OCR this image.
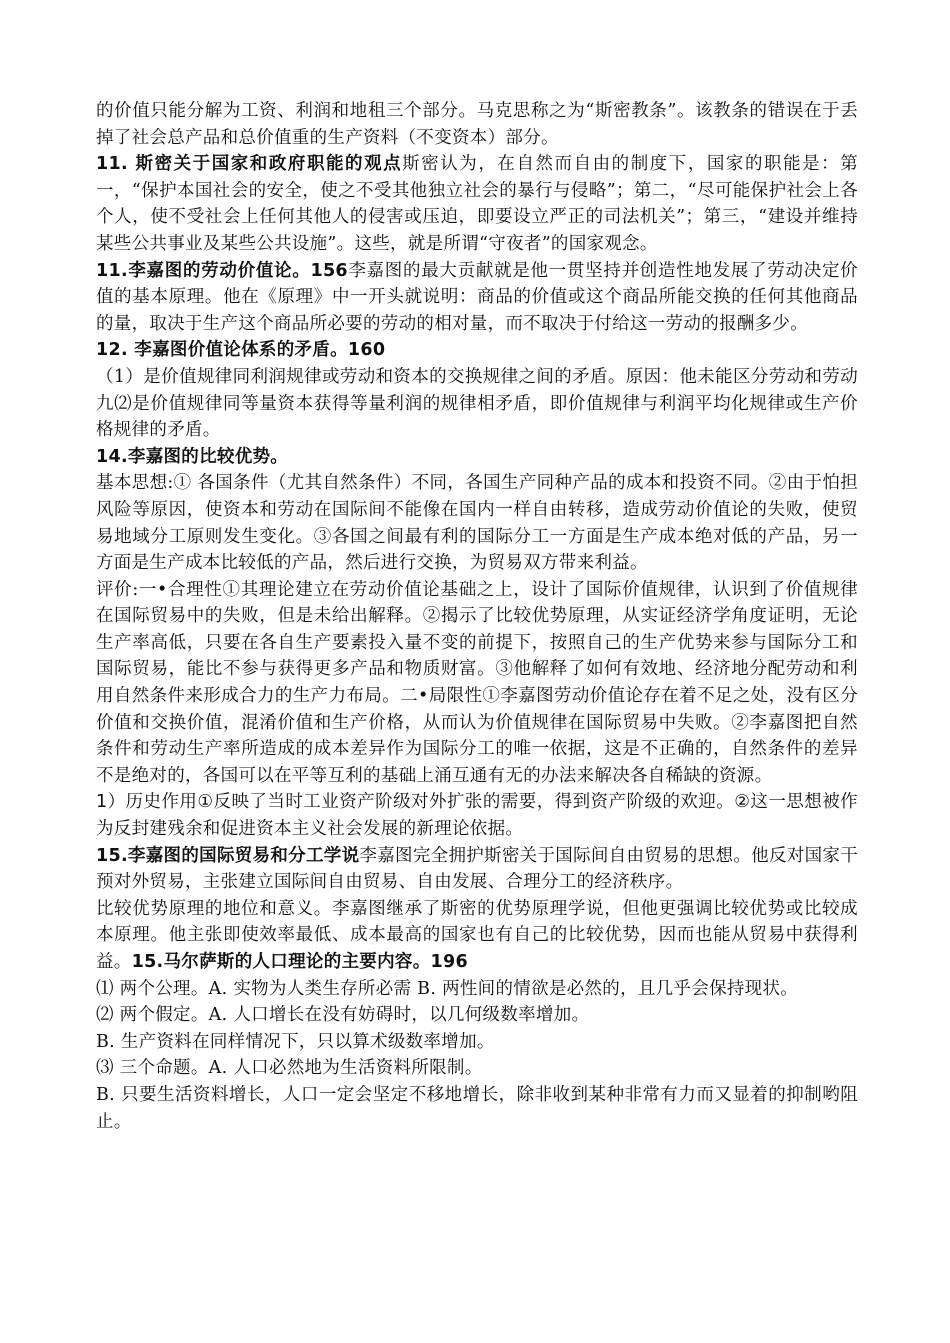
的价值只能分解为工资、利润和地租三个部分。马克思称之为“斯密教条”。该教条的错误在于丢掉了社会总产品和总价值重的生产资料（不变资本）部分。

11. 斯密关于国家和政府职能的观点斯密认为，在自然而自由的制度下，国家的职能是：第一，“保护本国社会的安全，使之不受其他独立社会的暴行与侵略”；第二，“尽可能保护社会上各个人，使不受社会上任何其他人的侵害或压迫，即要设立严正的司法机关”；第三，“建设并维持某些公共事业及某些公共设施”。这些，就是所谓“守夜者”的国家观念。

11.李嘉图的劳动价值论。156李嘉图的最大贡献就是他一贯坚持并创造性地发展了劳动决定价值的基本原理。他在《原理》中一开头就说明：商品的价值或这个商品所能交换的任何其他商品的量，取决于生产这个商品所必要的劳动的相对量，而不取决于付给这一劳动的报酬多少。

12. 李嘉图价值论体系的矛盾。160

（1）是价值规律同利润规律或劳动和资本的交换规律之间的矛盾。原因：他未能区分劳动和劳动九⑵是价值规律同等量资本获得等量利润的规律相矛盾，即价值规律与利润平均化规律或生产价格规律的矛盾。

14.李嘉图的比较优势。

基本思想:① 各国条件（尤其自然条件）不同，各国生产同种产品的成本和投资不同。②由于怕担风险等原因，使资本和劳动在国际间不能像在国内一样自由转移，造成劳动价值论的失败，使贸易地域分工原则发生变化。③各国之间最有利的国际分工一方面是生产成本绝对低的产品，另一方面是生产成本比较低的产品，然后进行交换，为贸易双方带来利益。

评价:一•合理性①其理论建立在劳动价值论基础之上，设计了国际价值规律，认识到了价值规律在国际贸易中的失败，但是未给出解释。②揭示了比较优势原理，从实证经济学角度证明，无论生产率高低，只要在各自生产要素投入量不变的前提下，按照自己的生产优势来参与国际分工和国际贸易，能比不参与获得更多产品和物质财富。③他解释了如何有效地、经济地分配劳动和利用自然条件来形成合力的生产力布局。二•局限性①李嘉图劳动价值论存在着不足之处，没有区分价值和交换价值，混淆价值和生产价格，从而认为价值规律在国际贸易中失败。②李嘉图把自然条件和劳动生产率所造成的成本差异作为国际分工的唯一依据，这是不正确的，自然条件的差异不是绝对的，各国可以在平等互利的基础上涌互通有无的办法来解决各自稀缺的资源。

1）历史作用①反映了当时工业资产阶级对外扩张的需要，得到资产阶级的欢迎。②这一思想被作为反封建残余和促进资本主义社会发展的新理论依据。

15.李嘉图的国际贸易和分工学说李嘉图完全拥护斯密关于国际间自由贸易的思想。他反对国家干预对外贸易，主张建立国际间自由贸易、自由发展、合理分工的经济秩序。

比较优势原理的地位和意义。李嘉图继承了斯密的优势原理学说，但他更强调比较优势或比较成本原理。他主张即使效率最低、成本最高的国家也有自己的比较优势，因而也能从贸易中获得利益。15.马尔萨斯的人口理论的主要内容。196

⑴ 两个公理。A. 实物为人类生存所必需 B. 两性间的情欲是必然的，且几乎会保持现状。

⑵ 两个假定。A. 人口增长在没有妨碍时，以几何级数率增加。

B. 生产资料在同样情况下，只以算术级数率增加。

⑶ 三个命题。A. 人口必然地为生活资料所限制。

B. 只要生活资料增长，人口一定会坚定不移地增长，除非收到某种非常有力而又显着的抑制哟阻止。
